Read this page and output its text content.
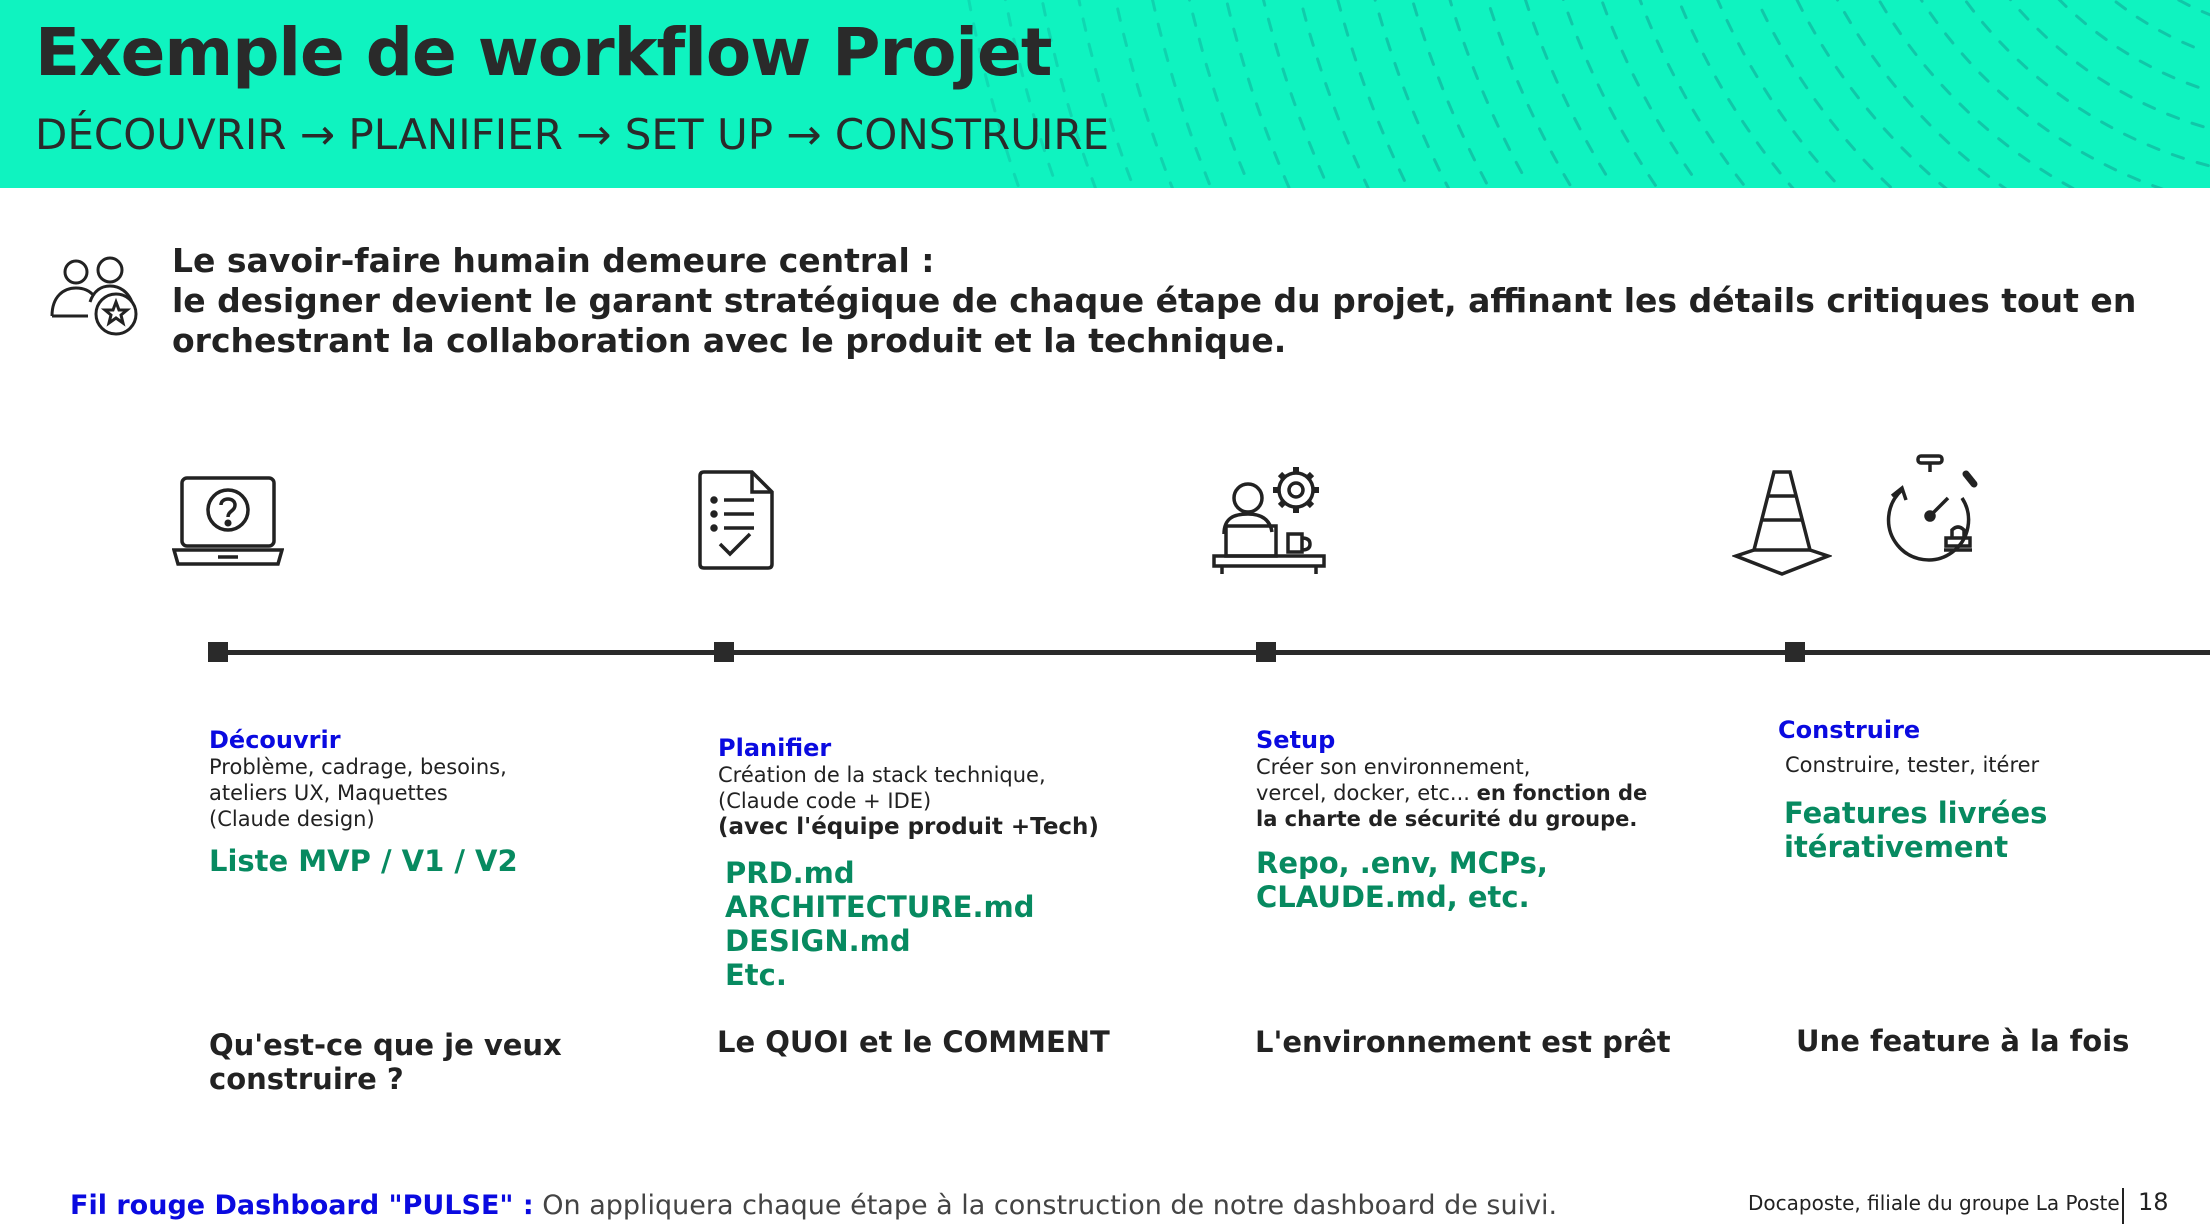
Exemple de workflow Projet
DÉCOUVRIR → PLANIFIER → SET UP → CONSTRUIRE
Le savoir-faire humain demeure central :
le designer devient le garant stratégique de chaque étape du projet, affinant les détails critiques tout en
orchestrant la collaboration avec le produit et la technique.
Découvrir
Problème, cadrage, besoins,
ateliers UX, Maquettes
(Claude design)
Liste MVP / V1 / V2
Planifier
Création de la stack technique,
(Claude code + IDE)
(avec l'équipe produit +Tech)
PRD.md
ARCHITECTURE.md
DESIGN.md
Etc.
Setup
Créer son environnement,
vercel, docker, etc... en fonction de
la charte de sécurité du groupe.
Repo, .env, MCPs,
CLAUDE.md, etc.
Construire
Construire, tester, itérer
Features livrées
itérativement
Qu'est-ce que je veux
construire ?
Le QUOI et le COMMENT	L'environnement est prêt	Une feature à la fois
Fil rouge Dashboard "PULSE" : On appliquera chaque étape à la construction de notre dashboard de suivi.	Docaposte, filiale du groupe La Poste 18
